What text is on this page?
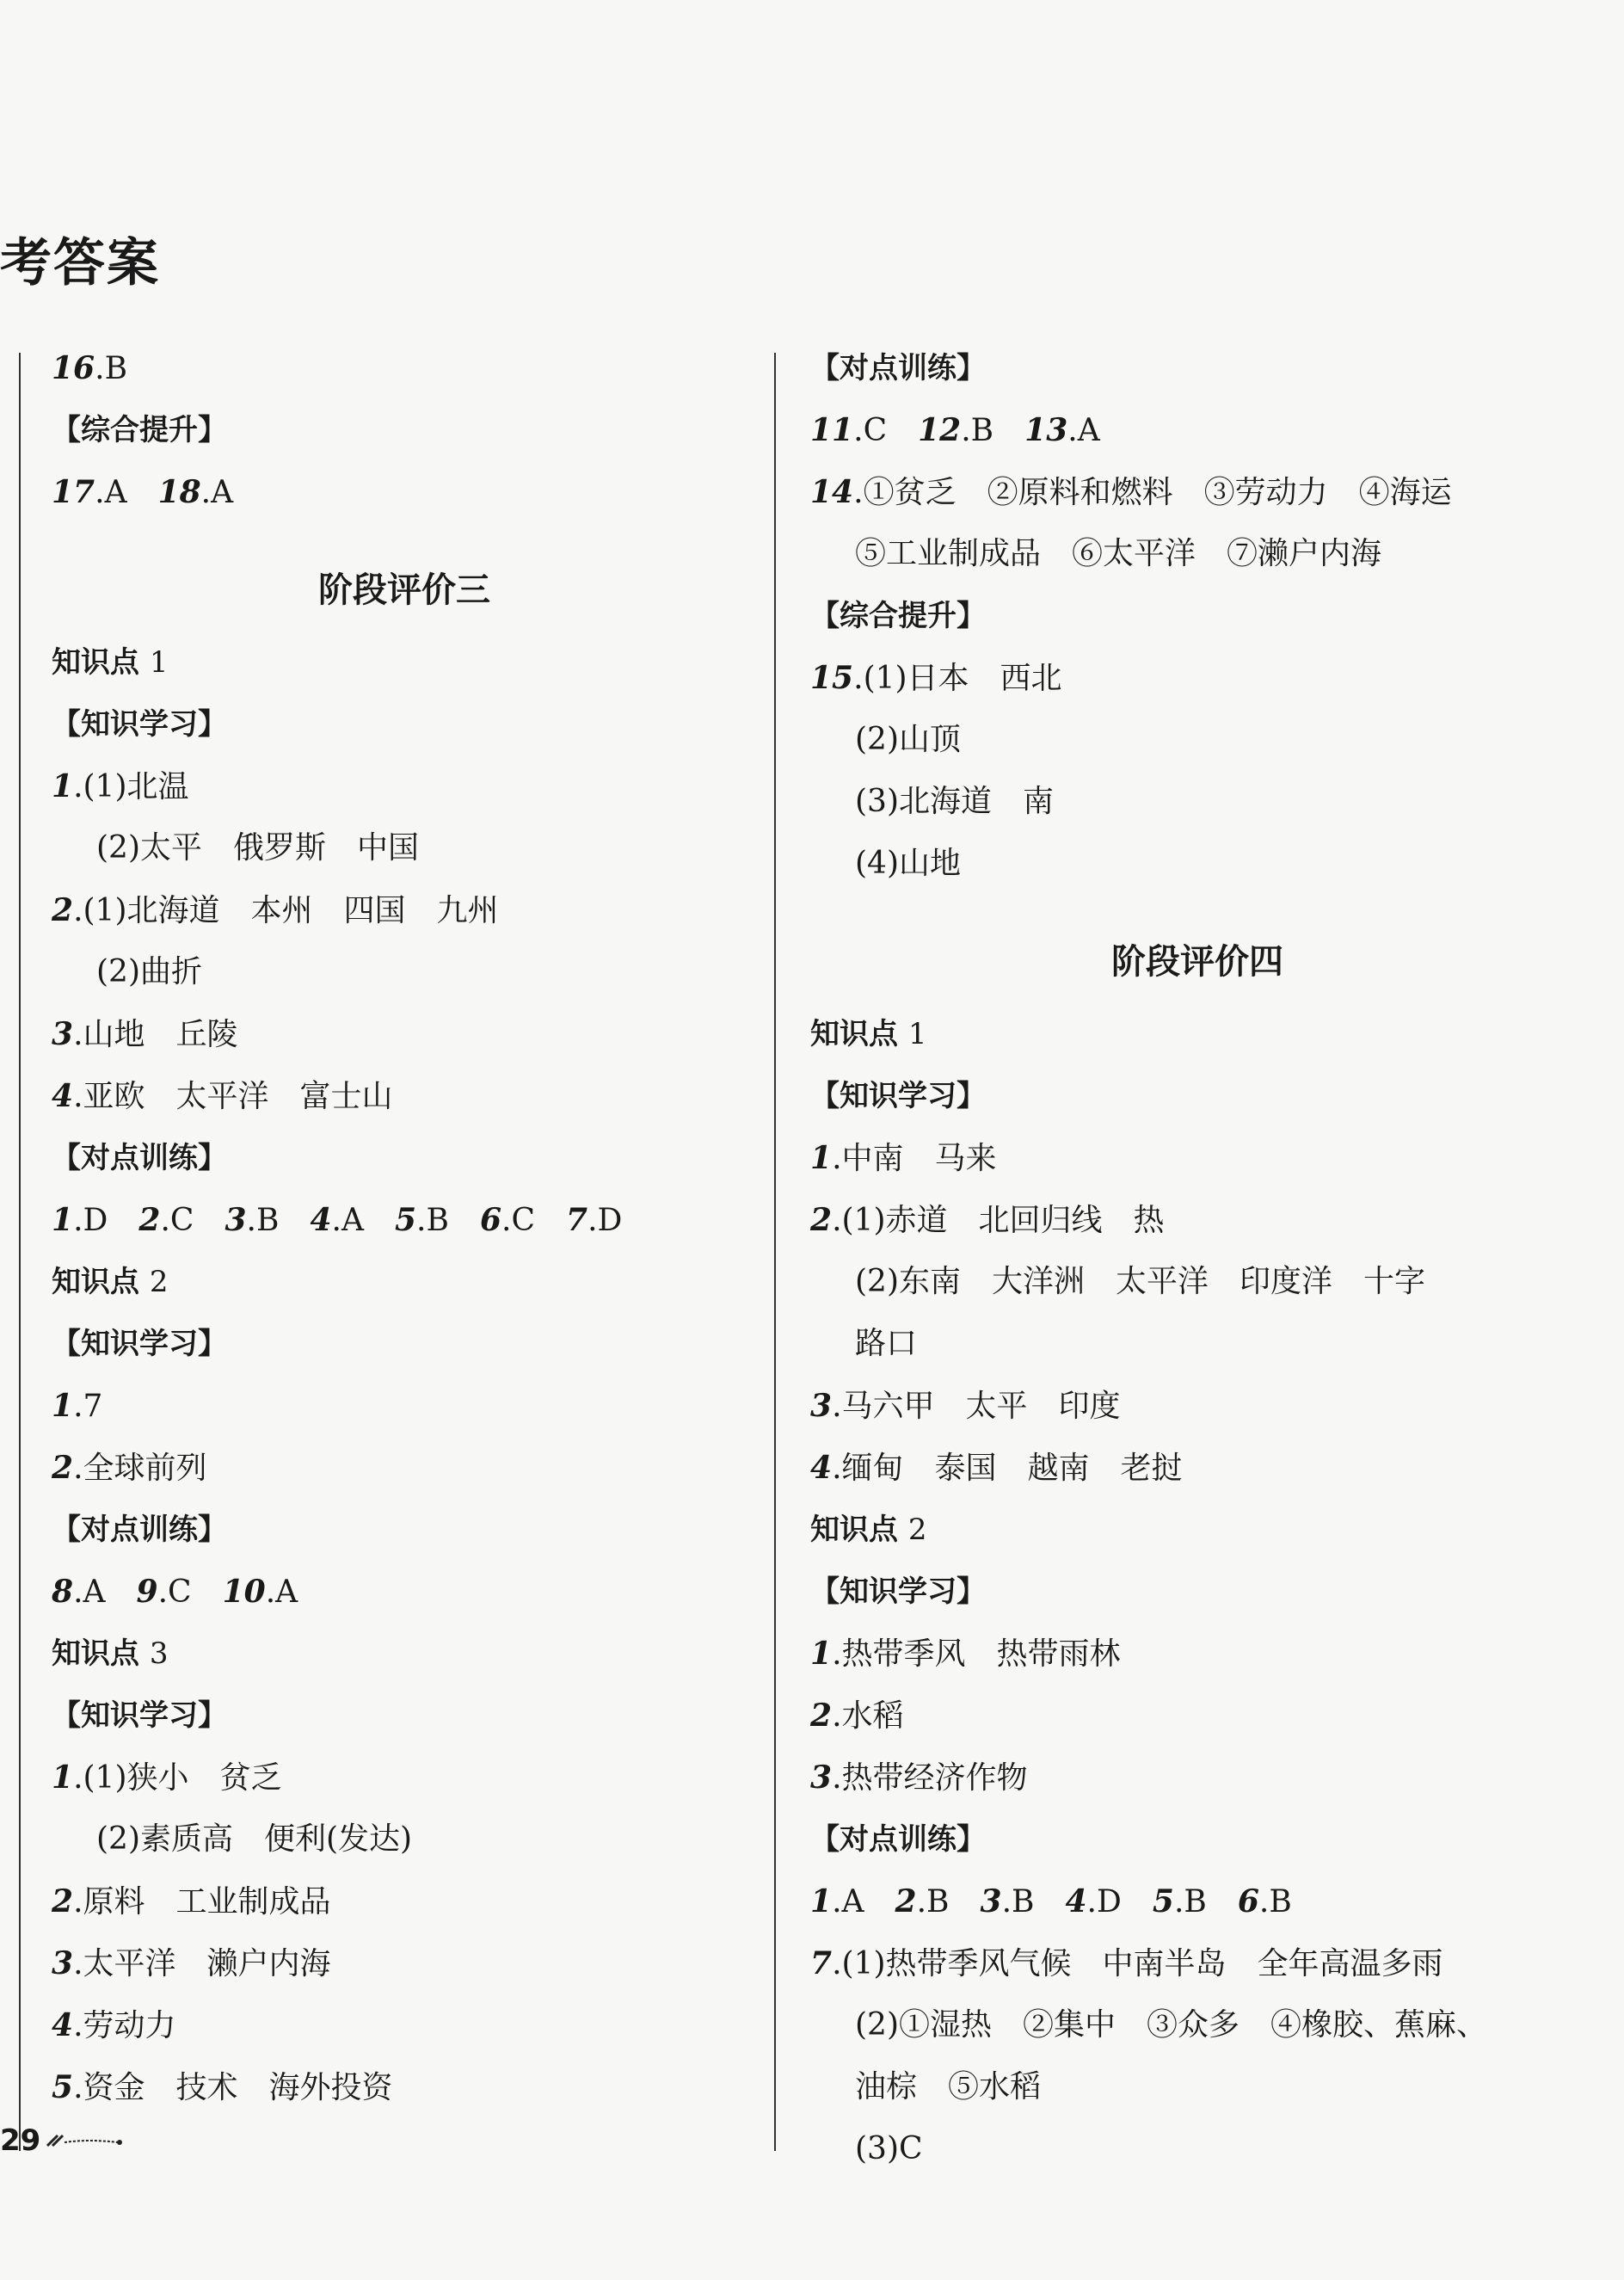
考答案
16.B
【综合提升】
17.A 18.A
阶段评价三
知识点 1
【知识学习】
1.(1)北温
(2)太平　俄罗斯　中国
2.(1)北海道　本州　四国　九州
(2)曲折
3.山地　丘陵
4.亚欧　太平洋　富士山
【对点训练】
1.D 2.C 3.B 4.A 5.B 6.C 7.D
知识点 2
【知识学习】
1.7
2.全球前列
【对点训练】
8.A 9.C 10.A
知识点 3
【知识学习】
1.(1)狭小　贫乏
(2)素质高　便利(发达)
2.原料　工业制成品
3.太平洋　濑户内海
4.劳动力
5.资金　技术　海外投资
【对点训练】
11.C 12.B 13.A
14.①贫乏　②原料和燃料　③劳动力　④海运
⑤工业制成品　⑥太平洋　⑦濑户内海
【综合提升】
15.(1)日本　西北
(2)山顶
(3)北海道　南
(4)山地
阶段评价四
知识点 1
【知识学习】
1.中南　马来
2.(1)赤道　北回归线　热
(2)东南　大洋洲　太平洋　印度洋　十字
路口
3.马六甲　太平　印度
4.缅甸　泰国　越南　老挝
知识点 2
【知识学习】
1.热带季风　热带雨林
2.水稻
3.热带经济作物
【对点训练】
1.A 2.B 3.B 4.D 5.B 6.B
7.(1)热带季风气候　中南半岛　全年高温多雨
(2)①湿热　②集中　③众多　④橡胶、蕉麻、
油棕　⑤水稻
(3)C
29
